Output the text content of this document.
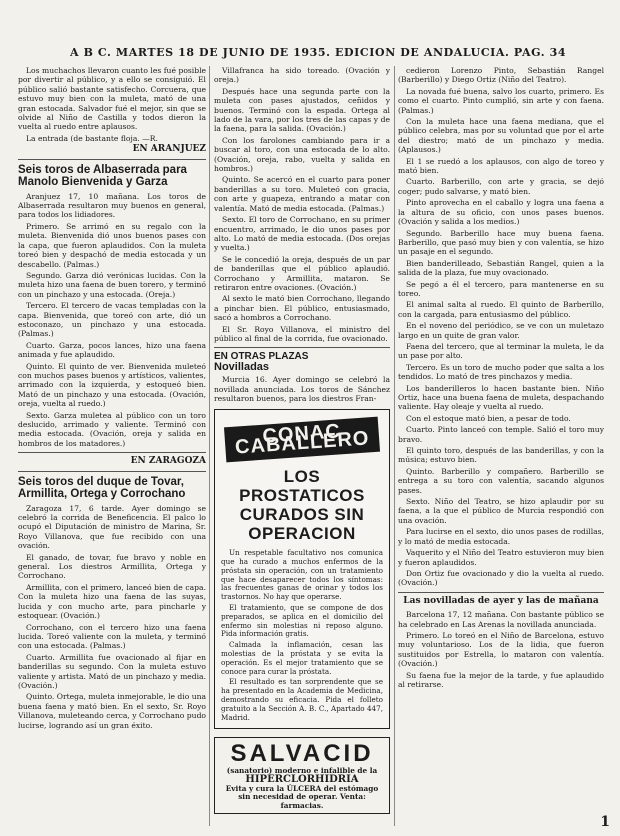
A B C. MARTES 18 DE JUNIO DE 1935. EDICION DE ANDALUCIA. PAG. 34

Los muchachos llevaron cuanto les fué posible por divertir al público, y a ello se consiguió. El público salió bastante satisfecho. Corcuera, que estuvo muy bien con la muleta, mató de una gran estocada. Salvador fué el mejor, sin que se olvide al Niño de Castilla y todos dieron la vuelta al ruedo entre aplausos.

La entrada (de bastante floja. —R.

EN ARANJUEZ
Seis toros de Albaserrada para Manolo Bienvenida y Garza

Aranjuez 17, 10 mañana. Los toros de Albaserrada resultaron muy buenos en general, para todos los lidiadores.

Primero. Se arrimó en su regalo con la muleta. Bienvenida dió unos buenos pases con la capa, que fueron aplaudidos. Con la muleta toreó bien y despachó de media estocada y un descabello. (Palmas.)

Segundo. Garza dió verónicas lucidas. Con la muleta hizo una faena de buen torero, y terminó con un pinchazo y una estocada. (Oreja.)

Tercero. El tercero de vacas templadas con la capa. Bienvenida, que toreó con arte, dió un estoconazo, un pinchazo y una estocada. (Palmas.)

Cuarto. Garza, pocos lances, hizo una faena animada y fue aplaudido.

Quinto. El quinto de ver. Bienvenida muleteó con muchos pases buenos y artísticos, valientes, arrimado con la izquierda, y estoqueó bien. Mató de un pinchazo y una estocada. (Ovación, oreja, vuelta al ruedo.)

Sexto. Garza muletea al público con un toro deslucido, arrimado y valiente. Terminó con media estocada. (Ovación, oreja y salida en hombros de los matadores.)

EN ZARAGOZA
Seis toros del duque de Tovar, Armillita, Ortega y Corrochano

Zaragoza 17, 6 tarde. Ayer domingo se celebró la corrida de Beneficencia. El palco lo ocupó el Diputación de ministro de Marina, Sr. Royo Villanova, que fue recibido con una ovación.

El ganado, de tovar, fue bravo y noble en general. Los diestros Armillita, Ortega y Corrochano.

Armillita, con el primero, lanceó bien de capa. Con la muleta hizo una faena de las suyas, lucida y con mucho arte, para pincharle y estoquear. (Ovación.)

Corrochano, con el tercero hizo una faena lucida. Toreó valiente con la muleta, y terminó con una estocada. (Palmas.)

Cuarto. Armillita fue ovacionado al fijar en banderillas su segundo. Con la muleta estuvo valiente y artista. Mató de un pinchazo y media. (Ovación.)

Quinto. Ortega, muleta inmejorable, le dio una buena faena y mató bien. En el sexto, Sr. Royo Villanova, muleteando cerca, y Corrochano pudo lucirse, logrando así un gran éxito.

Villafranca ha sido toreado. (Ovación y oreja.)

Después hace una segunda parte con la muleta con pases ajustados, ceñidos y buenos. Terminó con la espada. Ortega al lado de la vara, por los tres de las capas y de la faena, para la salida. (Ovación.)

Con los farolones cambiando para ir a buscar al toro, con una estocada de lo alto. (Ovación, oreja, rabo, vuelta y salida en hombros.)

Quinto. Se acercó en el cuarto para poner banderillas a su toro. Muleteó con gracia, con arte y guapeza, entrando a matar con valentía. Mató de media estocada. (Palmas.)

Sexto. El toro de Corrochano, en su primer encuentro, arrimado, le dio unos pases por alto. Lo mató de media estocada. (Dos orejas y vuelta.)

Se le concedió la oreja, después de un par de banderillas que el público aplaudió. Corrochano y Armillita, mataron. Se retiraron entre ovaciones. (Ovación.)

Al sexto le mató bien Corrochano, llegando a pinchar bien. El público, entusiasmado, sacó a hombros a Corrochano.

El Sr. Royo Villanova, el ministro del público al final de la corrida, fue ovacionado.

EN OTRAS PLAZAS
Novilladas

Murcia 16. Ayer domingo se celebró la novillada anunciada. Los toros de Sánchez resultaron buenos, para los diestros Fran-

CONAC CABALLERO
LOS PROSTATICOS CURADOS SIN OPERACION

Un respetable facultativo nos comunica que ha curado a muchos enfermos de la próstata sin operación, con un tratamiento que hace desaparecer todos los síntomas: las frecuentes ganas de orinar y todos los trastornos. No hay que operarse.

El tratamiento, que se compone de dos preparados, se aplica en el domicilio del enfermo sin molestias ni reposo alguno. Pida información gratis.

Calmada la inflamación, cesan las molestias de la próstata y se evita la operación. Es el mejor tratamiento que se conoce para curar la próstata.

El resultado es tan sorprendente que se ha presentado en la Academia de Medicina, demostrando su eficacia. Pida el folleto gratuito a la Sección A. B. C., Apartado 447, Madrid.

SALVACID
(sanatorio) moderno e infalible de la
HIPERCLORHIDRIA
Evita y cura la ÚLCERA del estómago sin necesidad de operar. Venta: farmacias.

cedieron Lorenzo Pinto, Sebastián Rangel (Barberillo) y Diego Ortiz (Niño del Teatro).

La novada fué buena, salvo los cuarto, primero. Es como el cuarto. Pinto cumplió, sin arte y con faena. (Palmas.)

Con la muleta hace una faena mediana, que el público celebra, mas por su voluntad que por el arte del diestro; mató de un pinchazo y media. (Aplausos.)

El 1 se ruedó a los aplausos, con algo de toreo y mató bien.

Cuarto. Barberillo, con arte y gracia, se dejó coger; pudo salvarse, y mató bien.

Pinto aprovecha en el caballo y logra una faena a la altura de su oficio, con unos pases buenos. (Ovación y salida a los medios.)

Segundo. Barberillo hace muy buena faena. Barberillo, que pasó muy bien y con valentía, se hizo un pasaje en el segundo.

Bien banderilleado, Sebastián Rangel, quien a la salida de la plaza, fue muy ovacionado.

Se pegó a él el tercero, para mantenerse en su toreo.

El animal salta al ruedo. El quinto de Barberillo, con la cargada, para entusiasmo del público.

En el noveno del periódico, se ve con un muletazo largo en un quite de gran valor.

Faena del tercero, que al terminar la muleta, le da un pase por alto.

Tercero. Es un toro de mucho poder que salta a los tendidos. Lo mató de tres pinchazos y media.

Los banderilleros lo hacen bastante bien. Niño Ortiz, hace una buena faena de muleta, despachando valiente. Hay oleaje y vuelta al ruedo.

Con el estoque mató bien, a pesar de todo.

Cuarto. Pinto lanceó con temple. Salió el toro muy bravo.

El quinto toro, después de las banderillas, y con la música; estuvo bien.

Quinto. Barberillo y compañero. Barberillo se entrega a su toro con valentía, sacando algunos pases.

Sexto. Niño del Teatro, se hizo aplaudir por su faena, a la que el público de Murcia respondió con una ovación.

Para lucirse en el sexto, dio unos pases de rodillas, y lo mató de media estocada.

Vaquerito y el Niño del Teatro estuvieron muy bien y fueron aplaudidos.

Don Ortiz fue ovacionado y dio la vuelta al ruedo. (Ovación.)

Las novilladas de ayer y las de mañana

Barcelona 17, 12 mañana. Con bastante público se ha celebrado en Las Arenas la novillada anunciada.

Primero. Lo toreó en el Niño de Barcelona, estuvo muy voluntarioso. Los de la lidia, que fueron sustituidos por Estrella, lo mataron con valentía. (Ovación.)

Su faena fue la mejor de la tarde, y fue aplaudido al retirarse.

1
